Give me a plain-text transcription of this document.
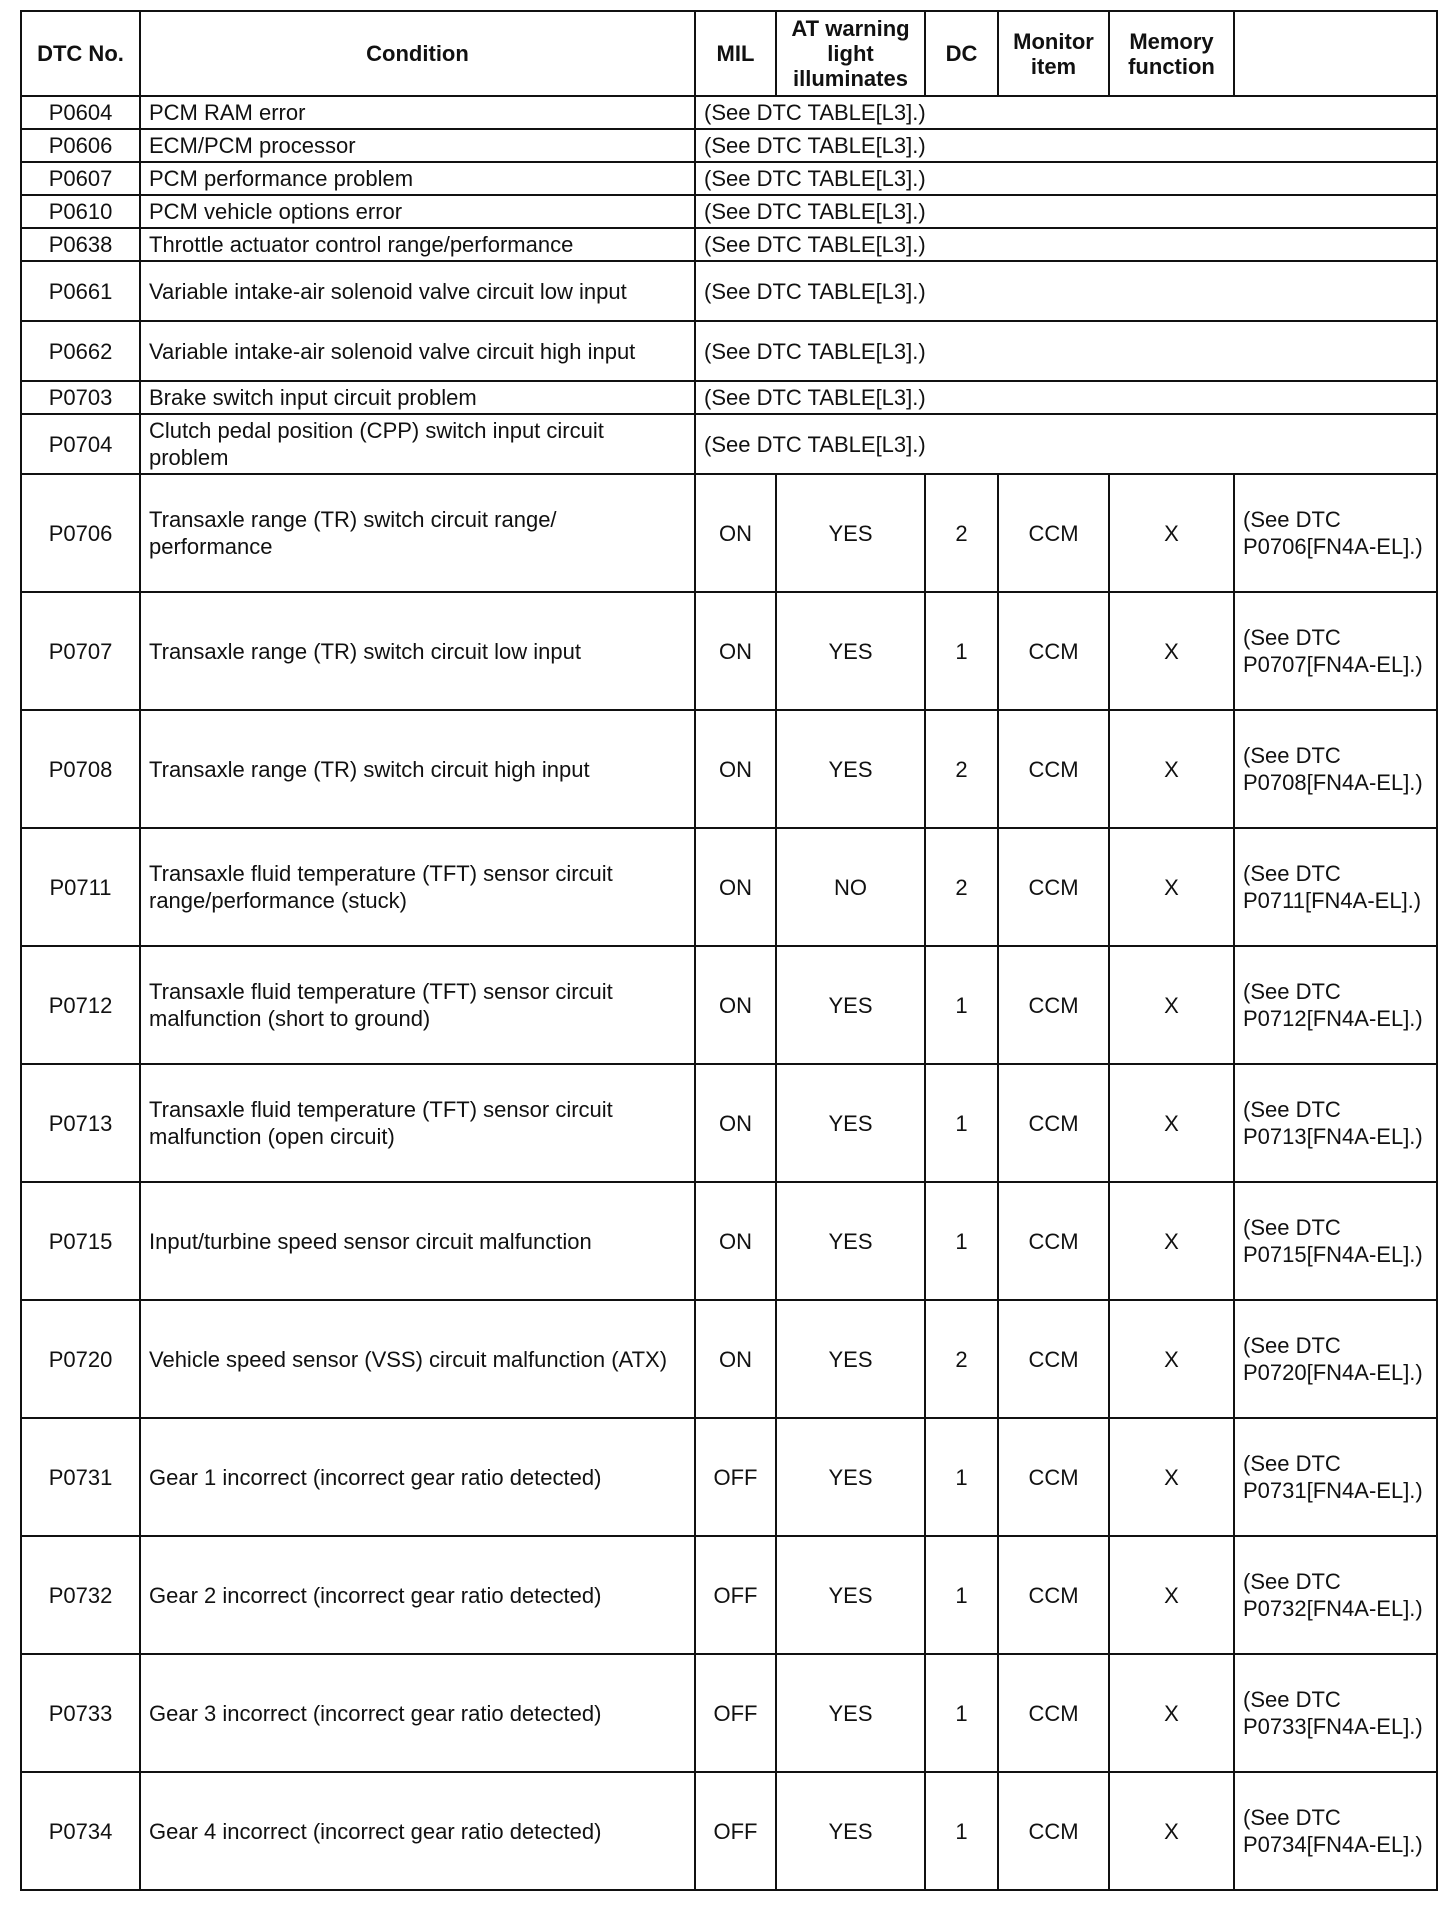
DTC No.	Condition	MIL	AT warning light illuminates	DC	Monitor item	Memory function	
P0604	PCM RAM error	(See DTC TABLE[L3].)					
P0606	ECM/PCM processor	(See DTC TABLE[L3].)					
P0607	PCM performance problem	(See DTC TABLE[L3].)					
P0610	PCM vehicle options error	(See DTC TABLE[L3].)					
P0638	Throttle actuator control range/performance	(See DTC TABLE[L3].)					
P0661	Variable intake-air solenoid valve circuit low input	(See DTC TABLE[L3].)					
P0662	Variable intake-air solenoid valve circuit high input	(See DTC TABLE[L3].)					
P0703	Brake switch input circuit problem	(See DTC TABLE[L3].)					
P0704	Clutch pedal position (CPP) switch input circuit problem	(See DTC TABLE[L3].)					
P0706	Transaxle range (TR) switch circuit range/ performance	ON	YES	2	CCM	X	(See DTC P0706[FN4A-EL].)
P0707	Transaxle range (TR) switch circuit low input	ON	YES	1	CCM	X	(See DTC P0707[FN4A-EL].)
P0708	Transaxle range (TR) switch circuit high input	ON	YES	2	CCM	X	(See DTC P0708[FN4A-EL].)
P0711	Transaxle fluid temperature (TFT) sensor circuit range/performance (stuck)	ON	NO	2	CCM	X	(See DTC P0711[FN4A-EL].)
P0712	Transaxle fluid temperature (TFT) sensor circuit malfunction (short to ground)	ON	YES	1	CCM	X	(See DTC P0712[FN4A-EL].)
P0713	Transaxle fluid temperature (TFT) sensor circuit malfunction (open circuit)	ON	YES	1	CCM	X	(See DTC P0713[FN4A-EL].)
P0715	Input/turbine speed sensor circuit malfunction	ON	YES	1	CCM	X	(See DTC P0715[FN4A-EL].)
P0720	Vehicle speed sensor (VSS) circuit malfunction (ATX)	ON	YES	2	CCM	X	(See DTC P0720[FN4A-EL].)
P0731	Gear 1 incorrect (incorrect gear ratio detected)	OFF	YES	1	CCM	X	(See DTC P0731[FN4A-EL].)
P0732	Gear 2 incorrect (incorrect gear ratio detected)	OFF	YES	1	CCM	X	(See DTC P0732[FN4A-EL].)
P0733	Gear 3 incorrect (incorrect gear ratio detected)	OFF	YES	1	CCM	X	(See DTC P0733[FN4A-EL].)
P0734	Gear 4 incorrect (incorrect gear ratio detected)	OFF	YES	1	CCM	X	(See DTC P0734[FN4A-EL].)
